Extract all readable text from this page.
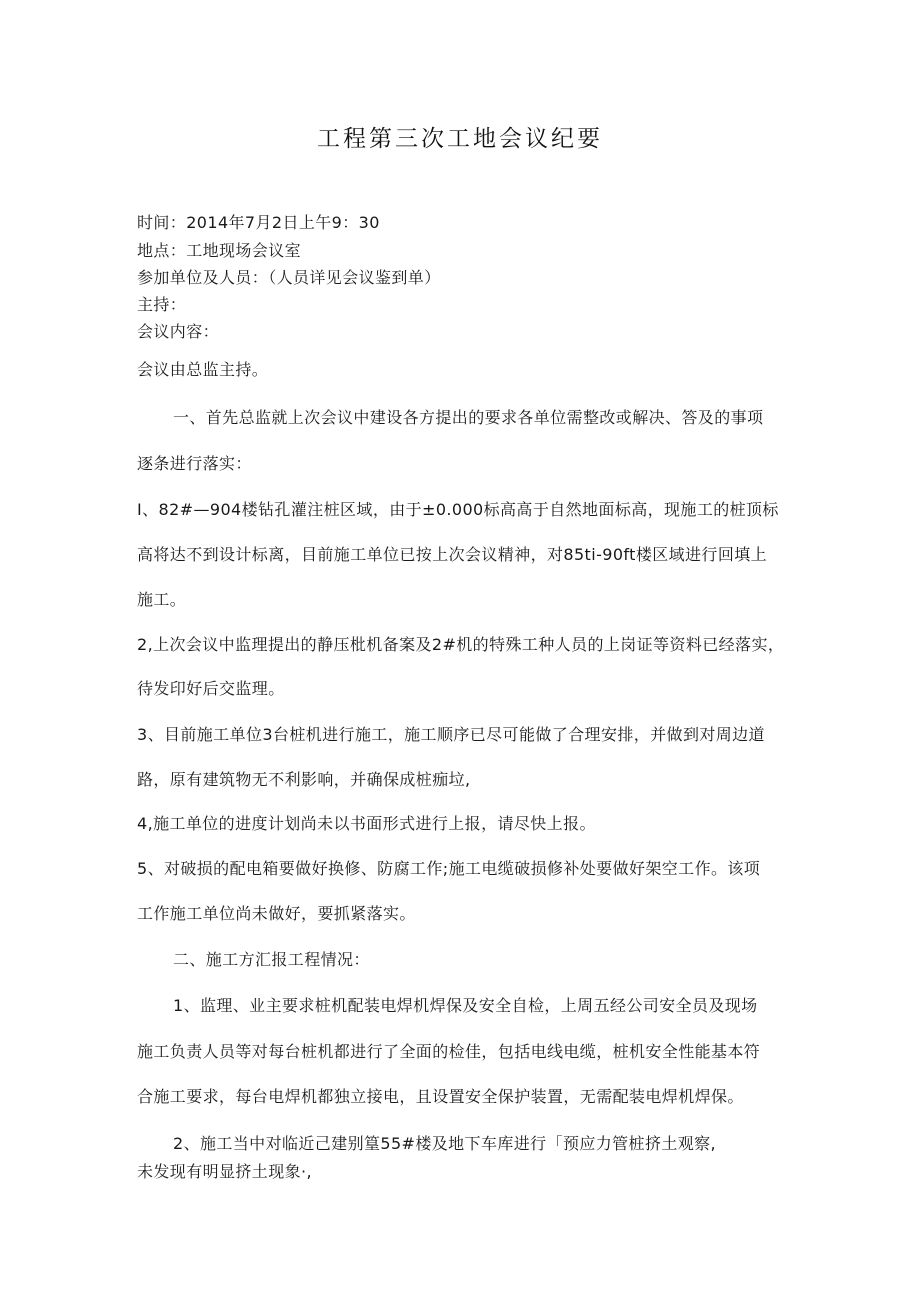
工程第三次工地会议纪要
时间：2014年7月2日上午9：30
地点：工地现场会议室
参加单位及人员：（人员详见会议鉴到单）
主持：
会议内容：
会议由总监主持。
一、首先总监就上次会议中建设各方提出的要求各单位需整改或解决、答及的事项
逐条进行落实：
I、82#—904楼钻孔灌注桩区域，由于±0.000标高高于自然地面标高，现施工的桩顶标
高将达不到设计标离，目前施工单位已按上次会议精神，对85ti-90ft楼区域进行回填上
施工。
2,上次会议中监理提出的静压枇机备案及2#机的特殊工种人员的上岗证等资料已经落实，
待发印好后交监理。
3、目前施工单位3台桩机进行施工，施工顺序已尽可能做了合理安排，并做到对周边道
路，原有建筑物无不利影响，并确保成桩痂垃,
4,施工单位的进度计划尚未以书面形式进行上报，请尽快上报。
5、对破损的配电箱要做好换修、防腐工作;施工电缆破损修补处要做好架空工作。该项
工作施工单位尚未做好，要抓紧落实。
二、施工方汇报工程情况：
1、监理、业主要求桩机配装电焊机焊保及安全自检，上周五经公司安全员及现场
施工负责人员等对每台桩机都进行了全面的检佳，包括电线电缆，桩机安全性能基本符
合施工要求，每台电焊机都独立接电，且设置安全保护装置，无需配装电焊机焊保。
2、施工当中对临近己建别篁55#楼及地下车库进行「预应力管桩挤土观察,
未发现有明显挤土现象·,
